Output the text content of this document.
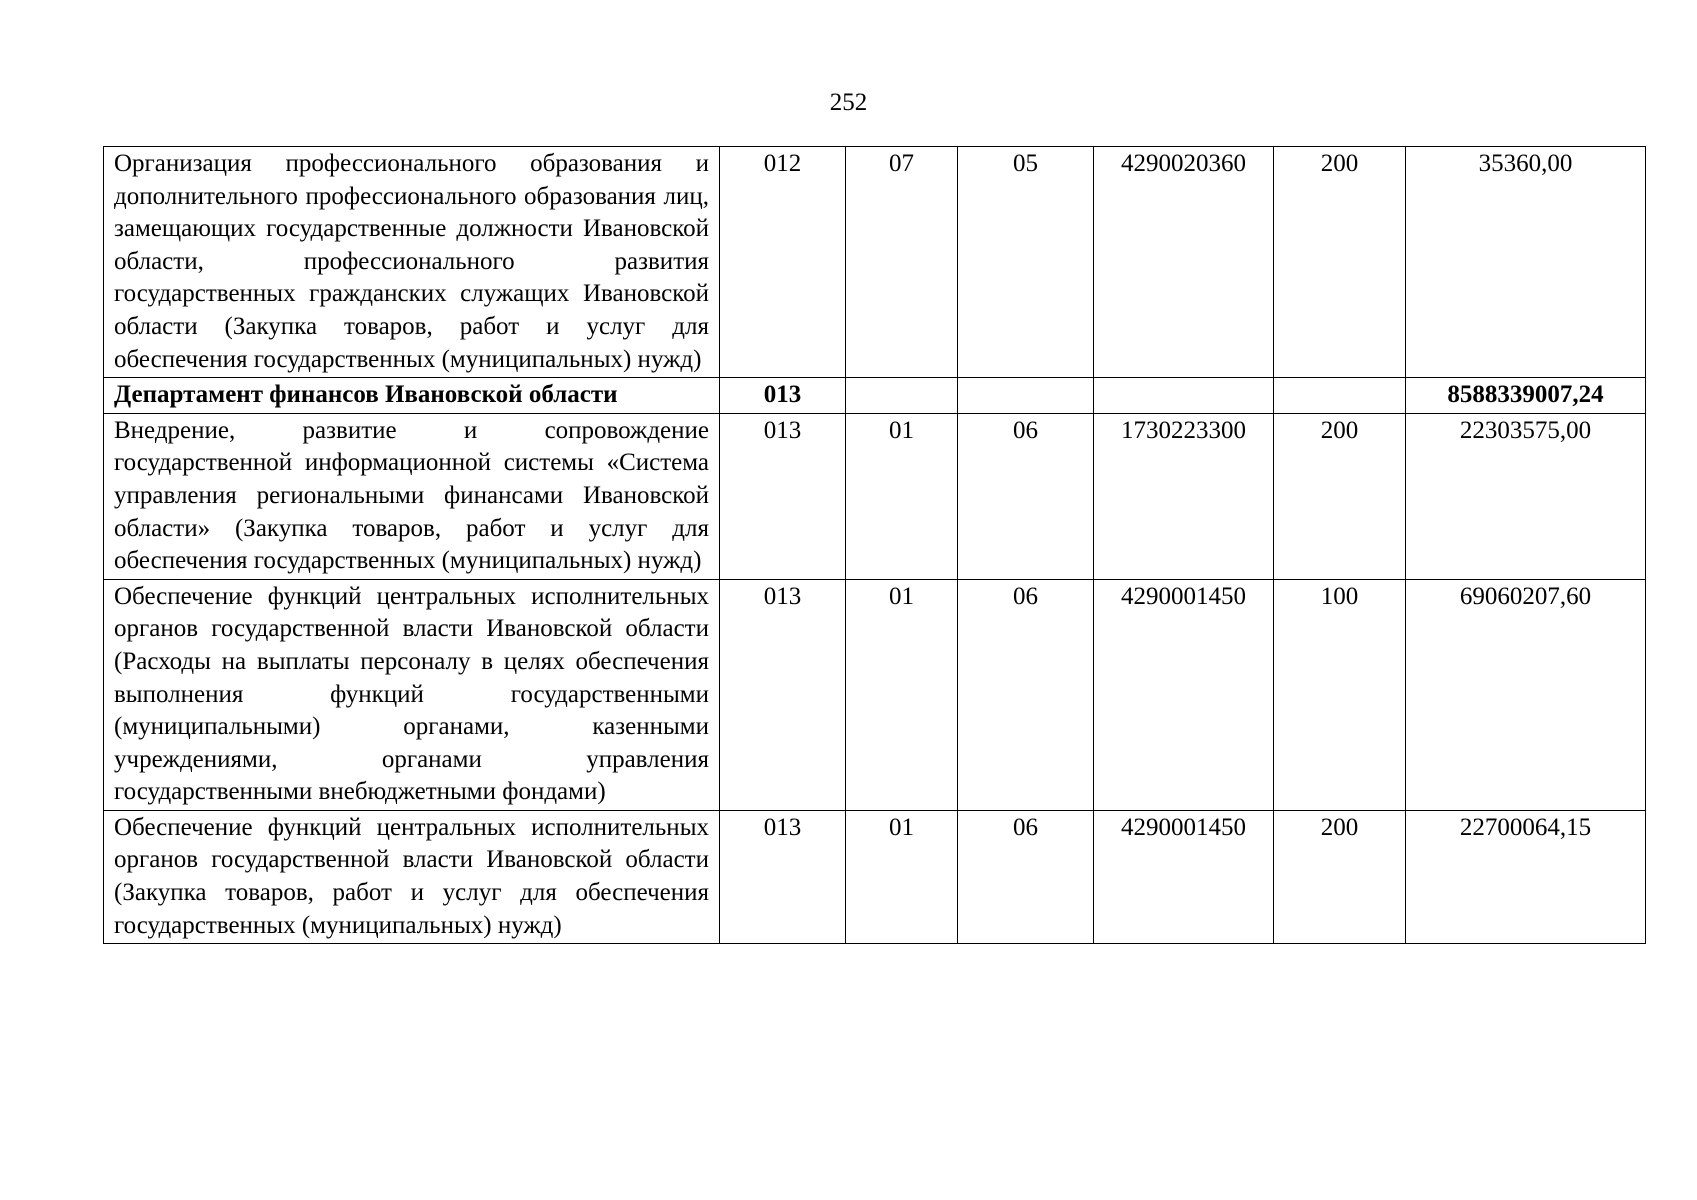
252
Организация профессионального образования и дополнительного профессионального образования лиц, замещающих государственные должности Ивановской области, профессионального развития государственных гражданских служащих Ивановской области (Закупка товаров, работ и услуг для обеспечения государственных (муниципальных) нужд)	012	07	05	4290020360	200	35360,00
Департамент финансов Ивановской области	013					8588339007,24
Внедрение, развитие и сопровождение государственной информационной системы «Система управления региональными финансами Ивановской области» (Закупка товаров, работ и услуг для обеспечения государственных (муниципальных) нужд)	013	01	06	1730223300	200	22303575,00
Обеспечение функций центральных исполнительных органов государственной власти Ивановской области (Расходы на выплаты персоналу в целях обеспечения выполнения функций государственными (муниципальными) органами, казенными учреждениями, органами управления государственными внебюджетными фондами)	013	01	06	4290001450	100	69060207,60
Обеспечение функций центральных исполнительных органов государственной власти Ивановской области (Закупка товаров, работ и услуг для обеспечения государственных (муниципальных) нужд)	013	01	06	4290001450	200	22700064,15
